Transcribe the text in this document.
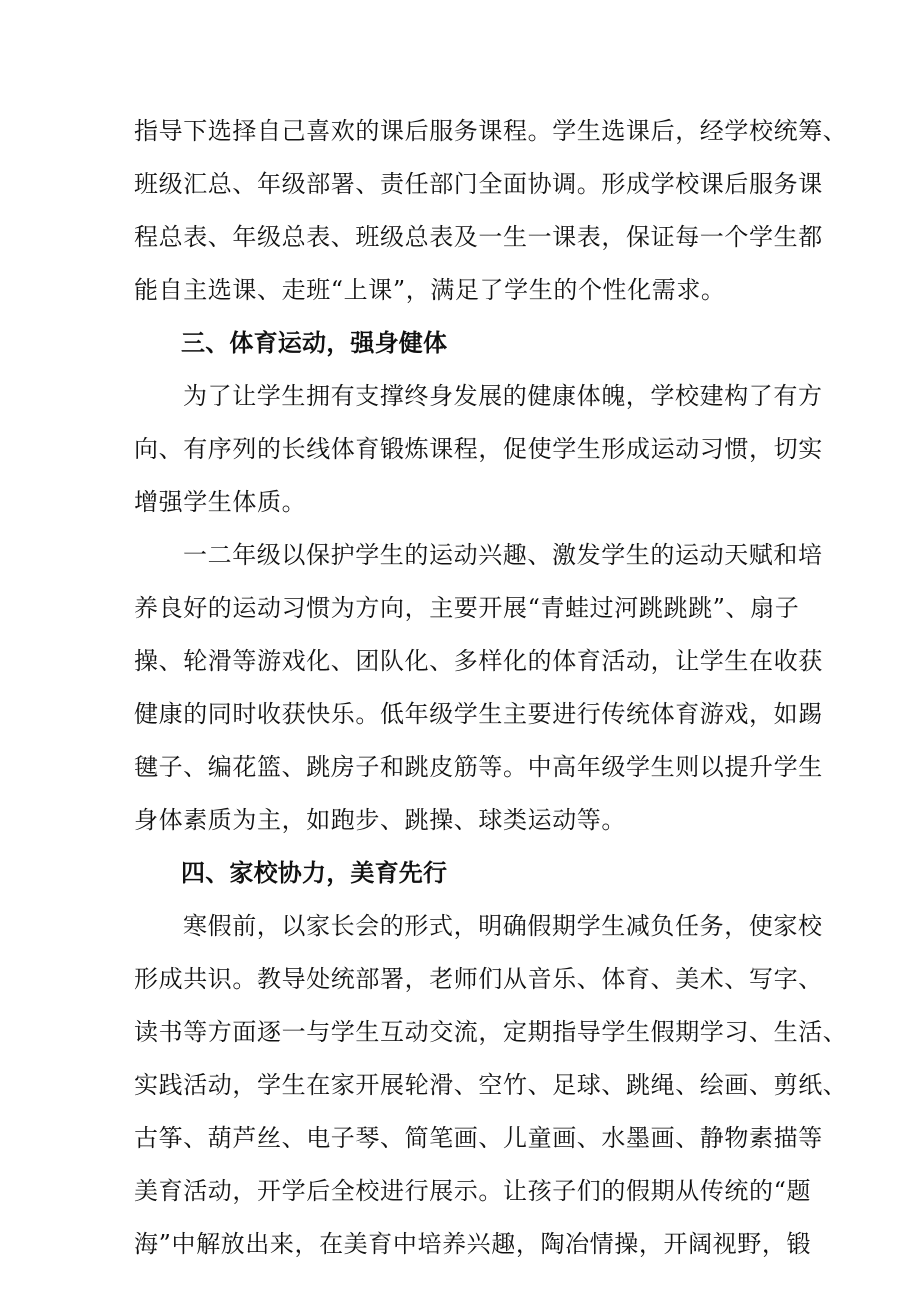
指导下选择自己喜欢的课后服务课程。学生选课后，经学校统筹、
班级汇总、年级部署、责任部门全面协调。形成学校课后服务课
程总表、年级总表、班级总表及一生一课表，保证每一个学生都
能自主选课、走班“上课”，满足了学生的个性化需求。
三、体育运动，强身健体
为了让学生拥有支撑终身发展的健康体魄，学校建构了有方
向、有序列的长线体育锻炼课程，促使学生形成运动习惯，切实
增强学生体质。
一二年级以保护学生的运动兴趣、激发学生的运动天赋和培
养良好的运动习惯为方向，主要开展“青蛙过河跳跳跳”、扇子
操、轮滑等游戏化、团队化、多样化的体育活动，让学生在收获
健康的同时收获快乐。低年级学生主要进行传统体育游戏，如踢
毽子、编花篮、跳房子和跳皮筋等。中高年级学生则以提升学生
身体素质为主，如跑步、跳操、球类运动等。
四、家校协力，美育先行
寒假前，以家长会的形式，明确假期学生减负任务，使家校
形成共识。教导处统部署，老师们从音乐、体育、美术、写字、
读书等方面逐一与学生互动交流，定期指导学生假期学习、生活、
实践活动，学生在家开展轮滑、空竹、足球、跳绳、绘画、剪纸、
古筝、葫芦丝、电子琴、简笔画、儿童画、水墨画、静物素描等
美育活动，开学后全校进行展示。让孩子们的假期从传统的“题
海”中解放出来，在美育中培养兴趣，陶冶情操，开阔视野，锻
